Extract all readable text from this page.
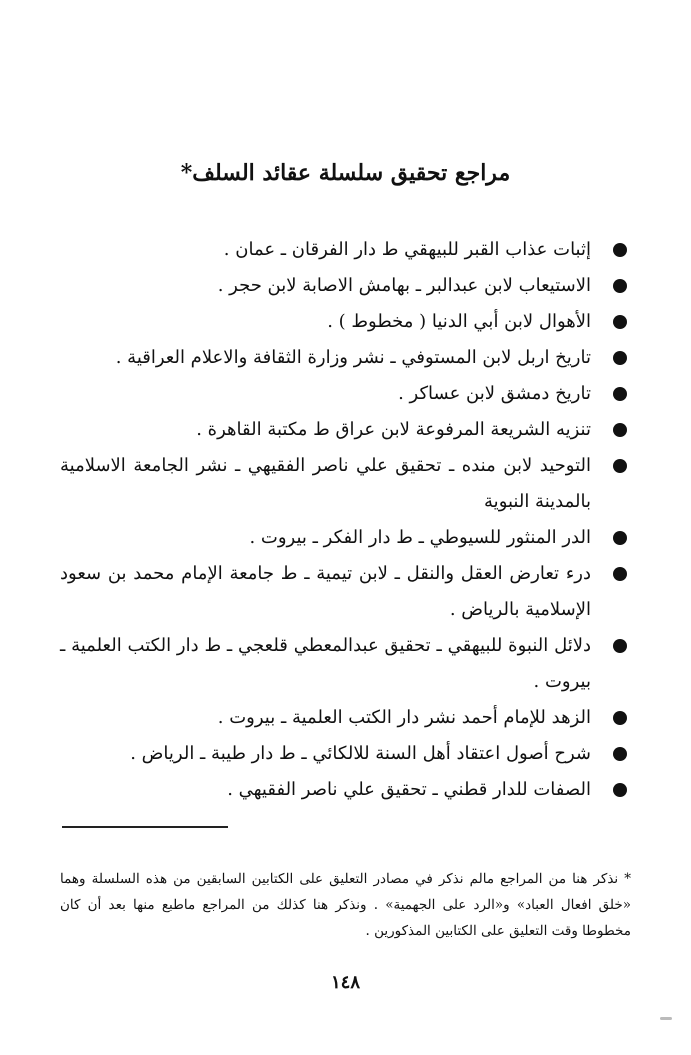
مراجع تحقيق سلسلة عقائد السلف*
إثبات عذاب القبر للبيهقي ط دار الفرقان ـ عمان .
الاستيعاب لابن عبدالبر ـ بهامش الاصابة لابن حجر .
الأهوال لابن أبي الدنيا ( مخطوط ) .
تاريخ اربل لابن المستوفي ـ نشر وزارة الثقافة والاعلام العراقية .
تاريخ دمشق لابن عساكر .
تنزيه الشريعة المرفوعة لابن عراق ط مكتبة القاهرة .
التوحيد لابن منده ـ تحقيق علي ناصر الفقيهي ـ نشر الجامعة الاسلامية بالمدينة النبوية
الدر المنثور للسيوطي ـ ط دار الفكر ـ بيروت .
درء تعارض العقل والنقل ـ لابن تيمية ـ ط جامعة الإمام محمد بن سعود الإسلامية بالرياض .
دلائل النبوة للبيهقي ـ تحقيق عبدالمعطي قلعجي ـ ط دار الكتب العلمية ـ بيروت .
الزهد للإمام أحمد نشر دار الكتب العلمية ـ بيروت .
شرح أصول اعتقاد أهل السنة للالكائي ـ ط دار طيبة ـ الرياض .
الصفات للدار قطني ـ تحقيق علي ناصر الفقيهي .

* نذكر هنا من المراجع مالم نذكر في مصادر التعليق على الكتابين السابقين من هذه السلسلة وهما «خلق افعال العباد» و«الرد على الجهمية» . ونذكر هنا كذلك من المراجع ماطبع منها بعد أن كان مخطوطا وقت التعليق على الكتابين المذكورين .

١٤٨
